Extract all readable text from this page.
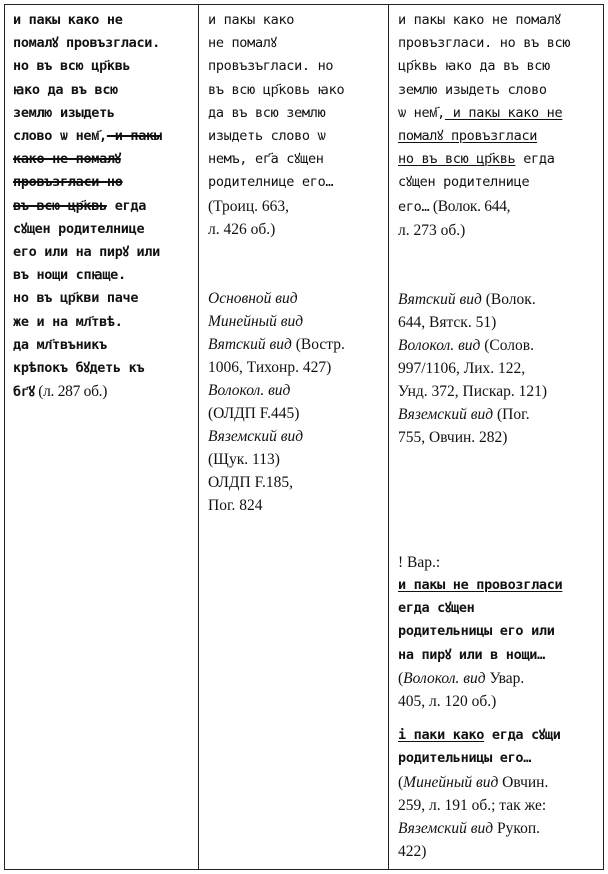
и пакы како не
помалꙋ провъзгласи.
но въ всю цр҃квь
ꙗко да въ всю
землю изыдеть
слово ѡ нем҃, и пакы
како не помалꙋ
провъзгласи но
въ всю цр҃квь егда
сꙋщен родителнице
его или на пирꙋ или
въ нощи спꙗще.
но въ цр҃кви паче
же и на мл҃твѣ.
да мл҃твъникъ
крѣпокъ бꙋдеть къ
бг҃ꙋ (л. 287 об.)
и пакы како
не помалꙋ
провъзъгласи. но
въ всю цр҃ковь ꙗко
да въ всю землю
изыдеть слово ѡ
немъ, ег҃а сꙋщен
родителнице его…
(Троиц. 663,
л. 426 об.)
Основной вид
Минейный вид
Вятский вид (Востр.
1006, Тихонр. 427)
Волокол. вид
(ОЛДП F.445)
Вяземский вид
(Щук. 113)
ОЛДП F.185,
Пог. 824
и пакы како не помалꙋ
провъзгласи. но въ всю
цр҃квь ꙗко да въ всю
землю изыдеть слово
ѡ нем҃, и пакы како не
помалꙋ провъзгласи
но въ всю цр҃квь егда
сꙋщен родителнице
его… (Волок. 644,
л. 273 об.)
Вятский вид (Волок.
644, Вятск. 51)
Волокол. вид (Солов.
997/1106, Лих. 122,
Унд. 372, Пискар. 121)
Вяземский вид (Пог.
755, Овчин. 282)
! Вар.:
и пакы не провозгласи
егда сꙋщен
родительницы его или
на пирꙋ или в нощи…
(Волокол. вид Увар.
405, л. 120 об.)
і паки како егда сꙋщи
родительницы его…
(Минейный вид Овчин.
259, л. 191 об.; так же:
Вяземский вид Рукоп.
422)
